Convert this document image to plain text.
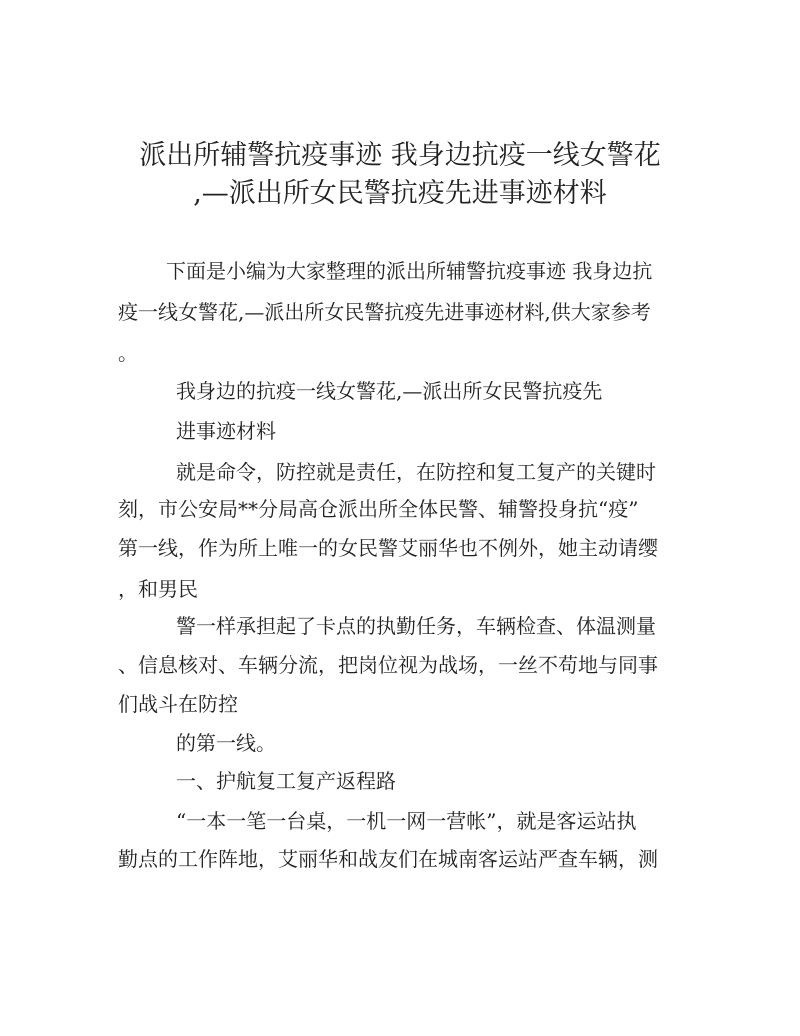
派出所辅警抗疫事迹 我身边抗疫一线女警花
,—派出所女民警抗疫先进事迹材料
下面是小编为大家整理的派出所辅警抗疫事迹 我身边抗
疫一线女警花,—派出所女民警抗疫先进事迹材料,供大家参考
。
我身边的抗疫一线女警花,—派出所女民警抗疫先
进事迹材料
就是命令，防控就是责任，在防控和复工复产的关键时
刻，市公安局**分局高仓派出所全体民警、辅警投身抗“疫”
第一线，作为所上唯一的女民警艾丽华也不例外，她主动请缨
，和男民
警一样承担起了卡点的执勤任务，车辆检查、体温测量
、信息核对、车辆分流，把岗位视为战场，一丝不苟地与同事
们战斗在防控
的第一线。
一、护航复工复产返程路
“一本一笔一台桌，一机一网一营帐”，就是客运站执
勤点的工作阵地，艾丽华和战友们在城南客运站严查车辆，测
